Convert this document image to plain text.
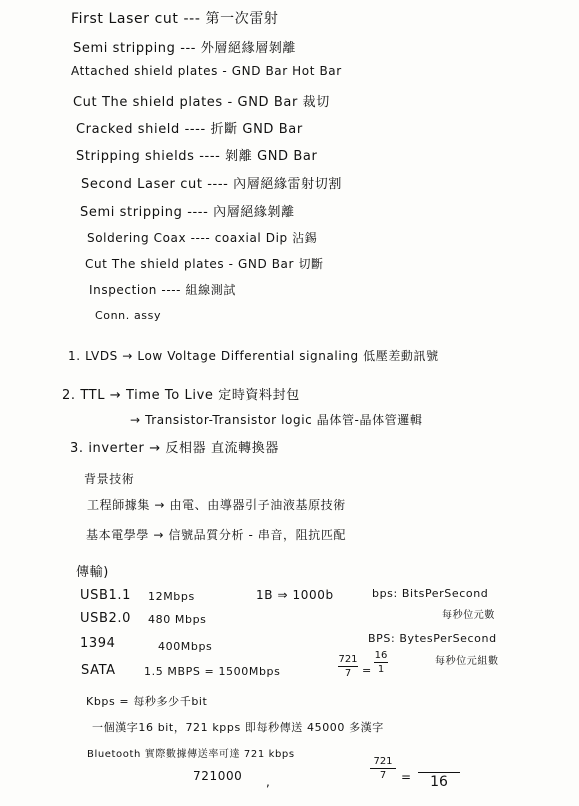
First Laser cut --- 第一次雷射
Semi stripping --- 外層絕緣層剝離
Attached shield plates - GND Bar Hot Bar
Cut The shield plates - GND Bar 裁切
Cracked shield ---- 折斷 GND Bar
Stripping shields ---- 剝離 GND Bar
Second Laser cut ---- 內層絕緣雷射切割
Semi stripping ---- 內層絕緣剝離
Soldering Coax ---- coaxial Dip 沾錫
Cut The shield plates - GND Bar 切斷
Inspection ---- 組線測試
Conn. assy
1. LVDS → Low Voltage Differential signaling 低壓差動訊號
2. TTL → Time To Live 定時資料封包
→ Transistor-Transistor logic 晶体管-晶体管邏輯
3. inverter → 反相器 直流轉換器
背景技術
工程師據集 → 由電、由導器引子油液基原技術
基本電學學 → 信號品質分析 - 串音，阻抗匹配
傳輸)
USB1.1 12Mbps
USB2.0 480 Mbps
1394	400Mbps
SATA	1.5 MBPS = 1500Mbps
1B ⇒ 1000b	bps: BitsPerSecond
每秒位元數
BPS: BytesPerSecond
每秒位元組數
721
7 =
16
1
Kbps = 每秒多少千bit
一個漢字16 bit，721 kpps 即每秒傳送 45000 多漢字
Bluetooth 實際數據傳送率可達 721 kbps
721000 ,
721
7	=
	16
